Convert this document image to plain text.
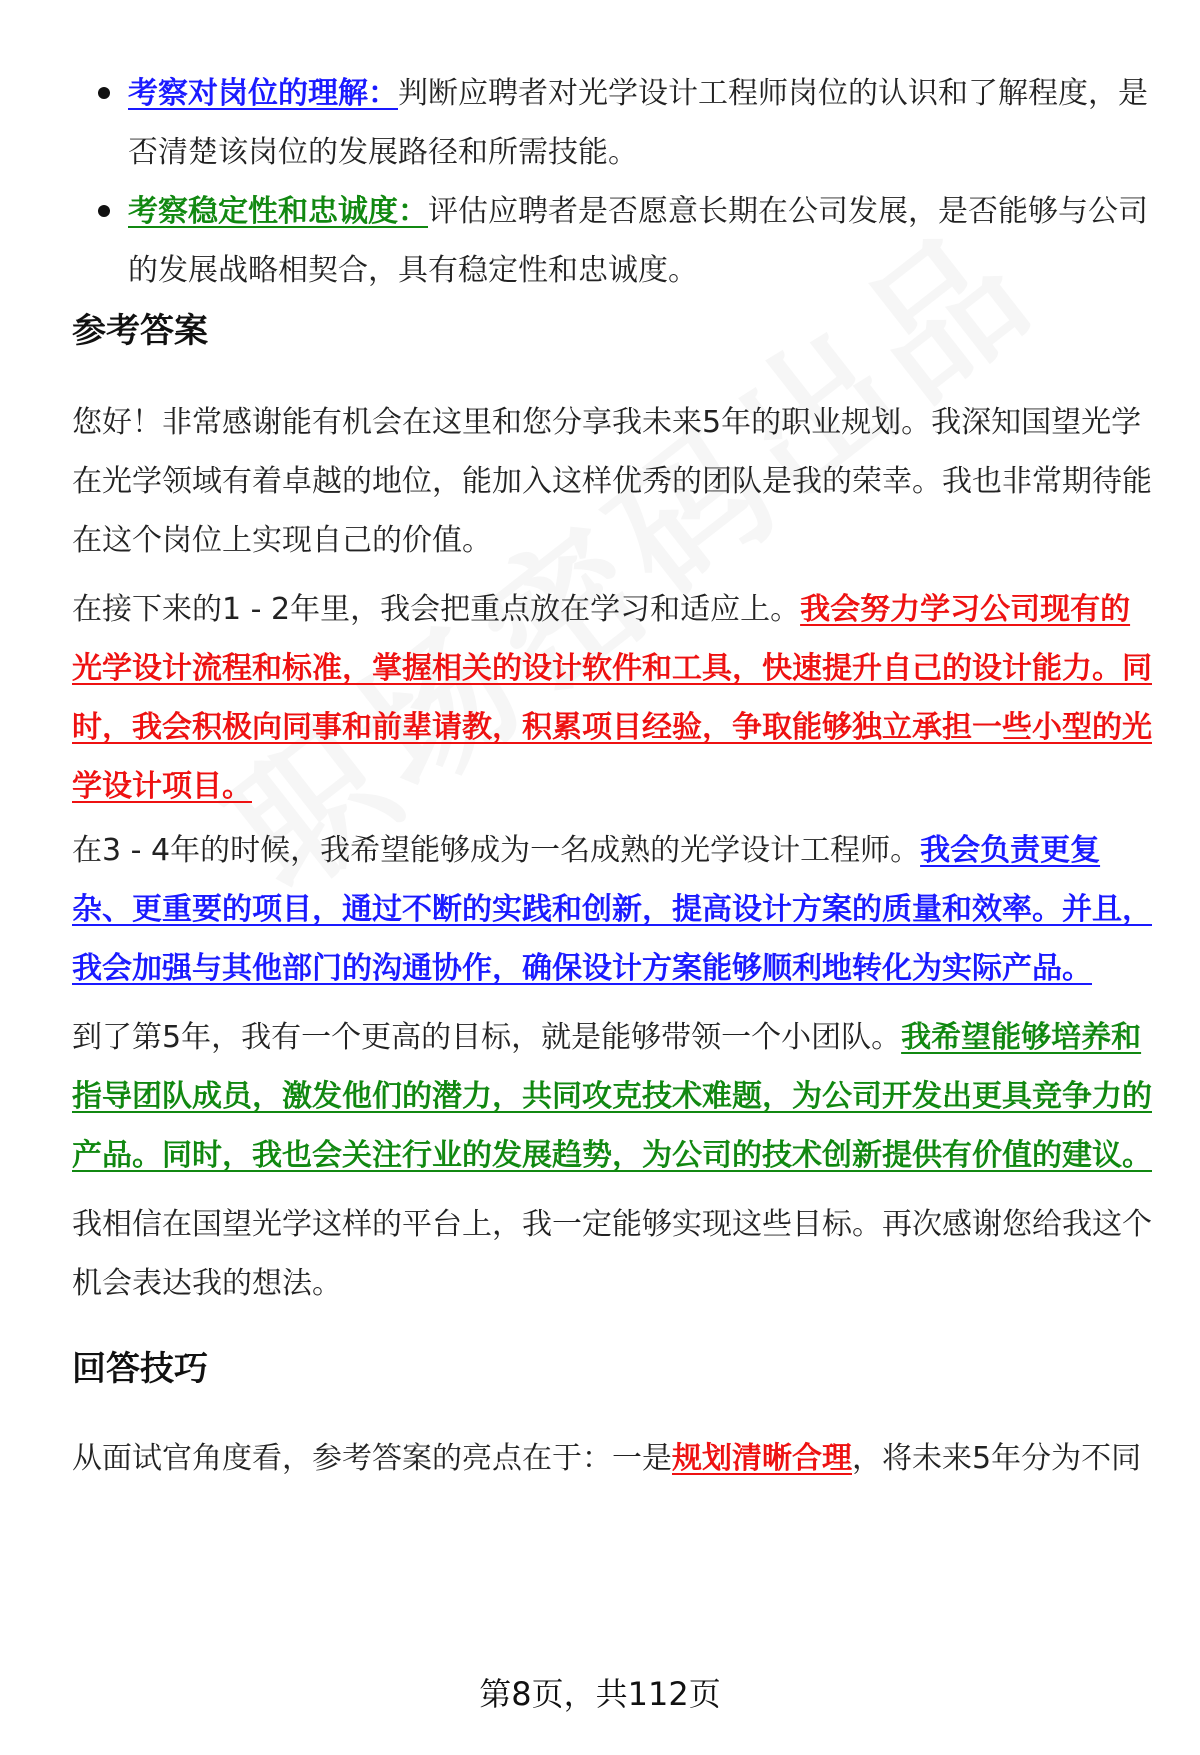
考察对岗位的理解：判断应聘者对光学设计工程师岗位的认识和了解程度，是否清楚该岗位的发展路径和所需技能。
考察稳定性和忠诚度：评估应聘者是否愿意长期在公司发展，是否能够与公司的发展战略相契合，具有稳定性和忠诚度。
参考答案
您好！非常感谢能有机会在这里和您分享我未来5年的职业规划。我深知国望光学在光学领域有着卓越的地位，能加入这样优秀的团队是我的荣幸。我也非常期待能在这个岗位上实现自己的价值。
在接下来的1 - 2年里，我会把重点放在学习和适应上。我会努力学习公司现有的光学设计流程和标准，掌握相关的设计软件和工具，快速提升自己的设计能力。同时，我会积极向同事和前辈请教，积累项目经验，争取能够独立承担一些小型的光学设计项目。
在3 - 4年的时候，我希望能够成为一名成熟的光学设计工程师。我会负责更复杂、更重要的项目，通过不断的实践和创新，提高设计方案的质量和效率。并且，我会加强与其他部门的沟通协作，确保设计方案能够顺利地转化为实际产品。
到了第5年，我有一个更高的目标，就是能够带领一个小团队。我希望能够培养和指导团队成员，激发他们的潜力，共同攻克技术难题，为公司开发出更具竞争力的产品。同时，我也会关注行业的发展趋势，为公司的技术创新提供有价值的建议。
我相信在国望光学这样的平台上，我一定能够实现这些目标。再次感谢您给我这个机会表达我的想法。
回答技巧
从面试官角度看，参考答案的亮点在于：一是规划清晰合理，将未来5年分为不同
第8页，共112页
